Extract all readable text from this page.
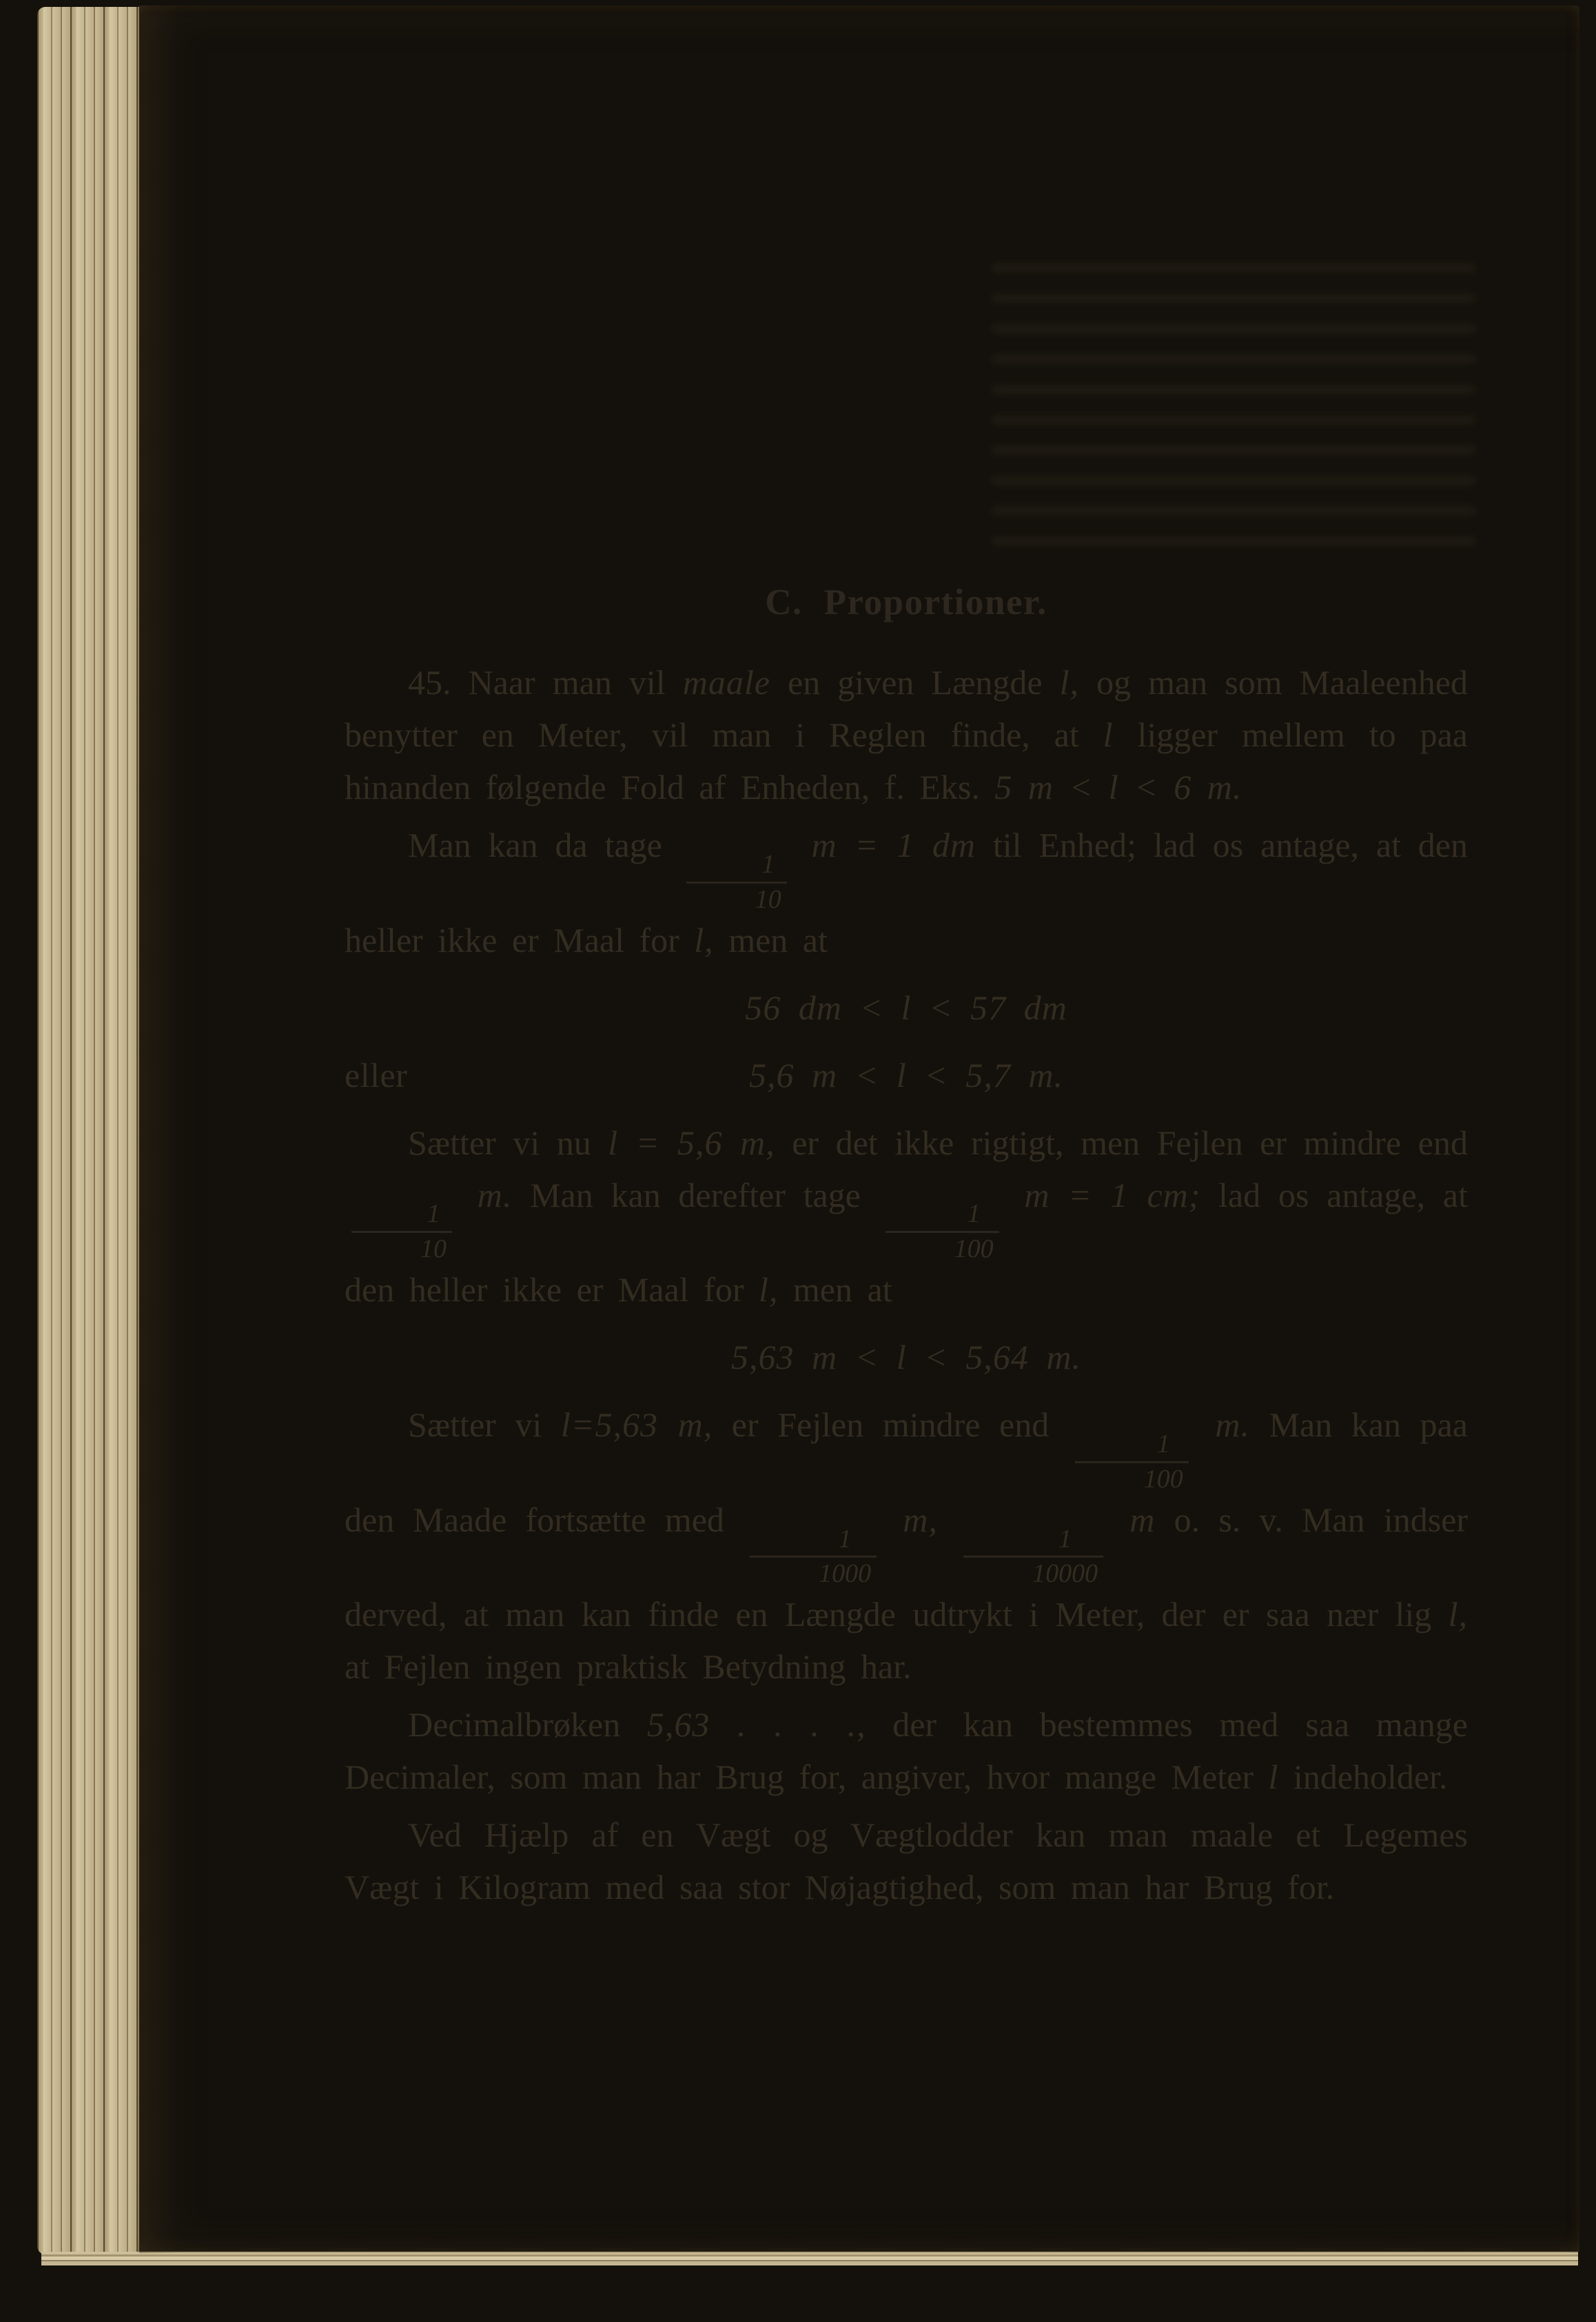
C. Proportioner.

45. Naar man vil maale en given Længde l, og man som Maaleenhed benytter en Meter, vil man i Reglen finde, at l ligger mellem to paa hinanden følgende Fold af Enheden, f. Eks. 5 m < l < 6 m.

Man kan da tage
$\frac{1}{10}$
m = 1 dm til Enhed; lad os antage, at den heller ikke er Maal for l, men at

56 dm < l < 57 dm
eller	5,6 m < l < 5,7 m.

Sætter vi nu l = 5,6 m, er det ikke rigtigt, men Fejlen er mindre end
$\frac{1}{10}$
m. Man kan derefter tage
$\frac{1}{100}$
m = 1 cm; lad os antage, at den heller ikke er Maal for l, men at

5,63 m < l < 5,64 m.

Sætter vi l=5,63 m, er Fejlen mindre end
$\frac{1}{100}$
m. Man kan paa den Maade fortsætte med
$\frac{1}{1000}$
m,
$\frac{1}{10000}$
m o. s. v. Man indser derved, at man kan finde en Længde udtrykt i Meter, der er saa nær lig l, at Fejlen ingen praktisk Betydning har.

Decimalbrøken 5,63 . . . ., der kan bestemmes med saa mange Decimaler, som man har Brug for, angiver, hvor mange Meter l indeholder.

Ved Hjælp af en Vægt og Vægtlodder kan man maale et Legemes Vægt i Kilogram med saa stor Nøjagtighed, som man har Brug for.
